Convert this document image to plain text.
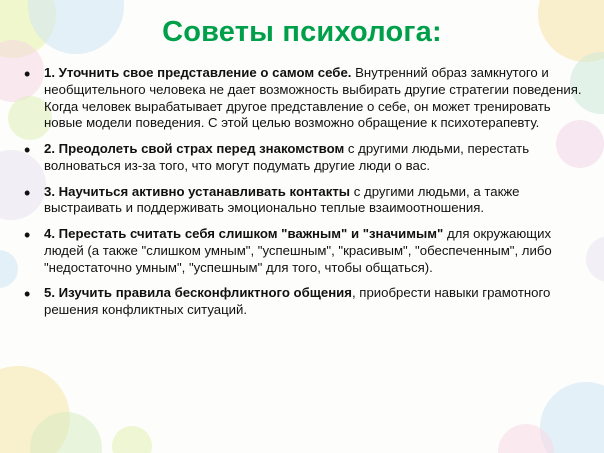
Советы психолога:
• 1. Уточнить свое представление о самом себе. Внутренний образ замкнутого и необщительного человека не дает возможность выбирать другие стратегии поведения. Когда человек вырабатывает другое представление о себе, он может тренировать новые модели поведения. С этой целью возможно обращение к психотерапевту.
• 2. Преодолеть свой страх перед знакомством с другими людьми, перестать волноваться из-за того, что могут подумать другие люди о вас.
• 3. Научиться активно устанавливать контакты с другими людьми, а также выстраивать и поддерживать эмоционально теплые взаимоотношения.
• 4. Перестать считать себя слишком "важным" и "значимым" для окружающих людей (а также "слишком умным", "успешным", "красивым", "обеспеченным", либо "недостаточно умным", "успешным" для того, чтобы общаться).
• 5. Изучить правила бесконфликтного общения, приобрести навыки грамотного решения конфликтных ситуаций.
